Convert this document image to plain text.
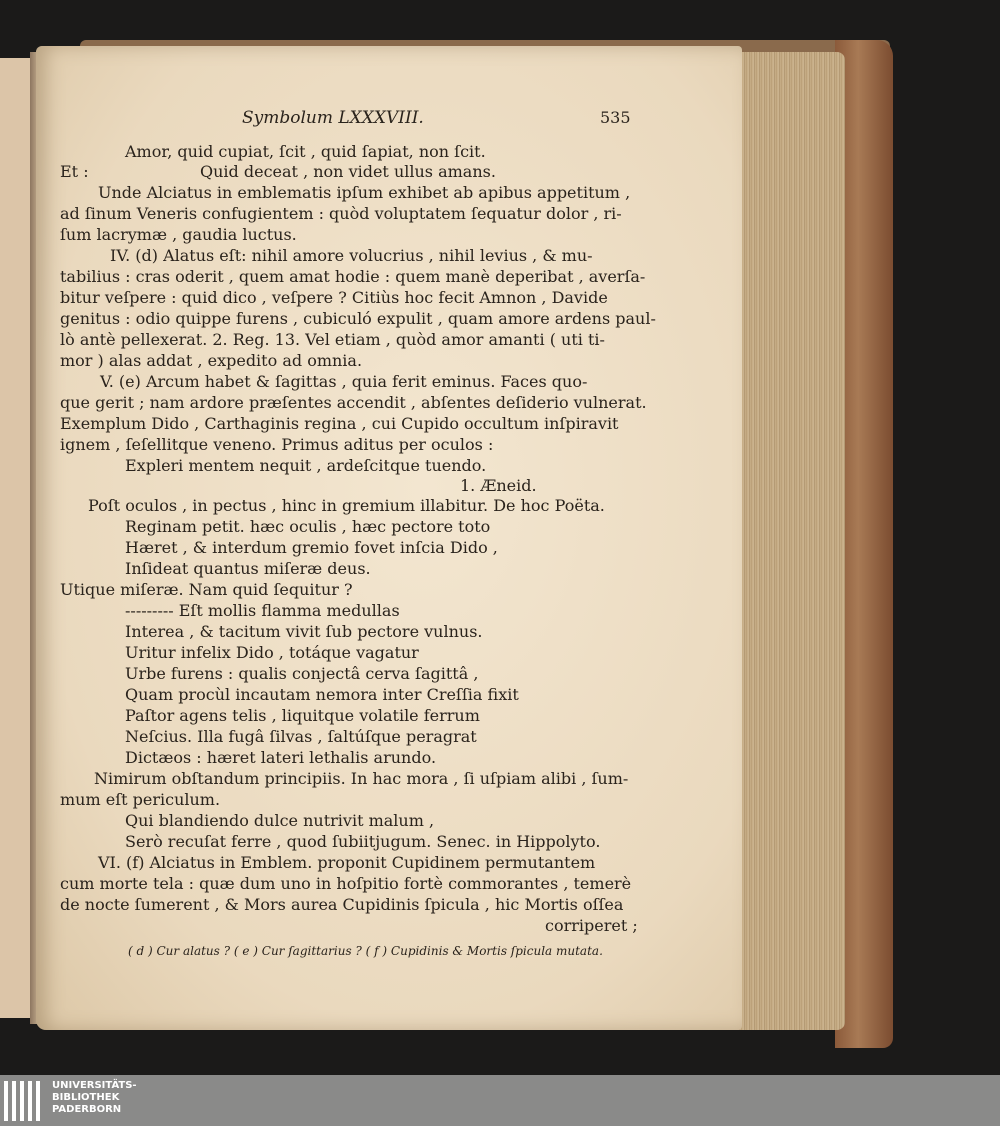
Symbolum LXXXVIII.	535
Amor, quid cupiat, ſcit , quid ſapiat, non ſcit.
Et :	Quid deceat , non videt ullus amans.
Unde Alciatus in emblematis ipſum exhibet ab apibus appetitum ,
ad ſinum Veneris confugientem : quòd voluptatem ſequatur dolor , ri-
ſum lacrymæ , gaudia luctus.
IV. (d) Alatus eſt: nihil amore volucrius , nihil levius , & mu-
tabilius : cras oderit , quem amat hodie : quem manè deperibat , averſa-
bitur veſpere : quid dico , veſpere ? Citiùs hoc fecit Amnon , Davide
genitus : odio quippe furens , cubiculó expulit , quam amore ardens paul-
lò antè pellexerat. 2. Reg. 13. Vel etiam , quòd amor amanti ( uti ti-
mor ) alas addat , expedito ad omnia.
V. (e) Arcum habet & ſagittas , quia ferit eminus. Faces quo-
que gerit ; nam ardore præſentes accendit , abſentes deſiderio vulnerat.
Exemplum Dido , Carthaginis regina , cui Cupido occultum inſpiravit
ignem , ſeſellitque veneno. Primus aditus per oculos :
Expleri mentem nequit , ardeſcitque tuendo.
1. Æneid.
Poſt oculos , in pectus , hinc in gremium illabitur. De hoc Poëta.
Reginam petit. hæc oculis , hæc pectore toto
Hæret , & interdum gremio fovet inſcia Dido ,
Inſideat quantus miſeræ deus.
Utique miſeræ. Nam quid ſequitur ?
--------- Eſt mollis flamma medullas
Interea , & tacitum vivit ſub pectore vulnus.
Uritur infelix Dido , totáque vagatur
Urbe furens : qualis conjectâ cerva ſagittâ ,
Quam procùl incautam nemora inter Creſſia fixit
Paſtor agens telis , liquitque volatile ferrum
Neſcius. Illa fugâ ſilvas , ſaltúſque peragrat
Dictæos : hæret lateri lethalis arundo.
Nimirum obſtandum principiis. In hac mora , ſi uſpiam alibi , ſum-
mum eſt periculum.
Qui blandiendo dulce nutrivit malum ,
Serò recuſat ferre , quod ſubiitjugum. Senec. in Hippolyto.
VI. (f) Alciatus in Emblem. proponit Cupidinem permutantem
cum morte tela : quæ dum uno in hoſpitio fortè commorantes , temerè
de nocte ſumerent , & Mors aurea Cupidinis ſpicula , hic Mortis oſſea
corriperet ;
( d ) Cur alatus ? ( e ) Cur ſagittarius ? ( f ) Cupidinis & Mortis ſpicula mutata.
UNIVERSITÄTS-
BIBLIOTHEK
PADERBORN
